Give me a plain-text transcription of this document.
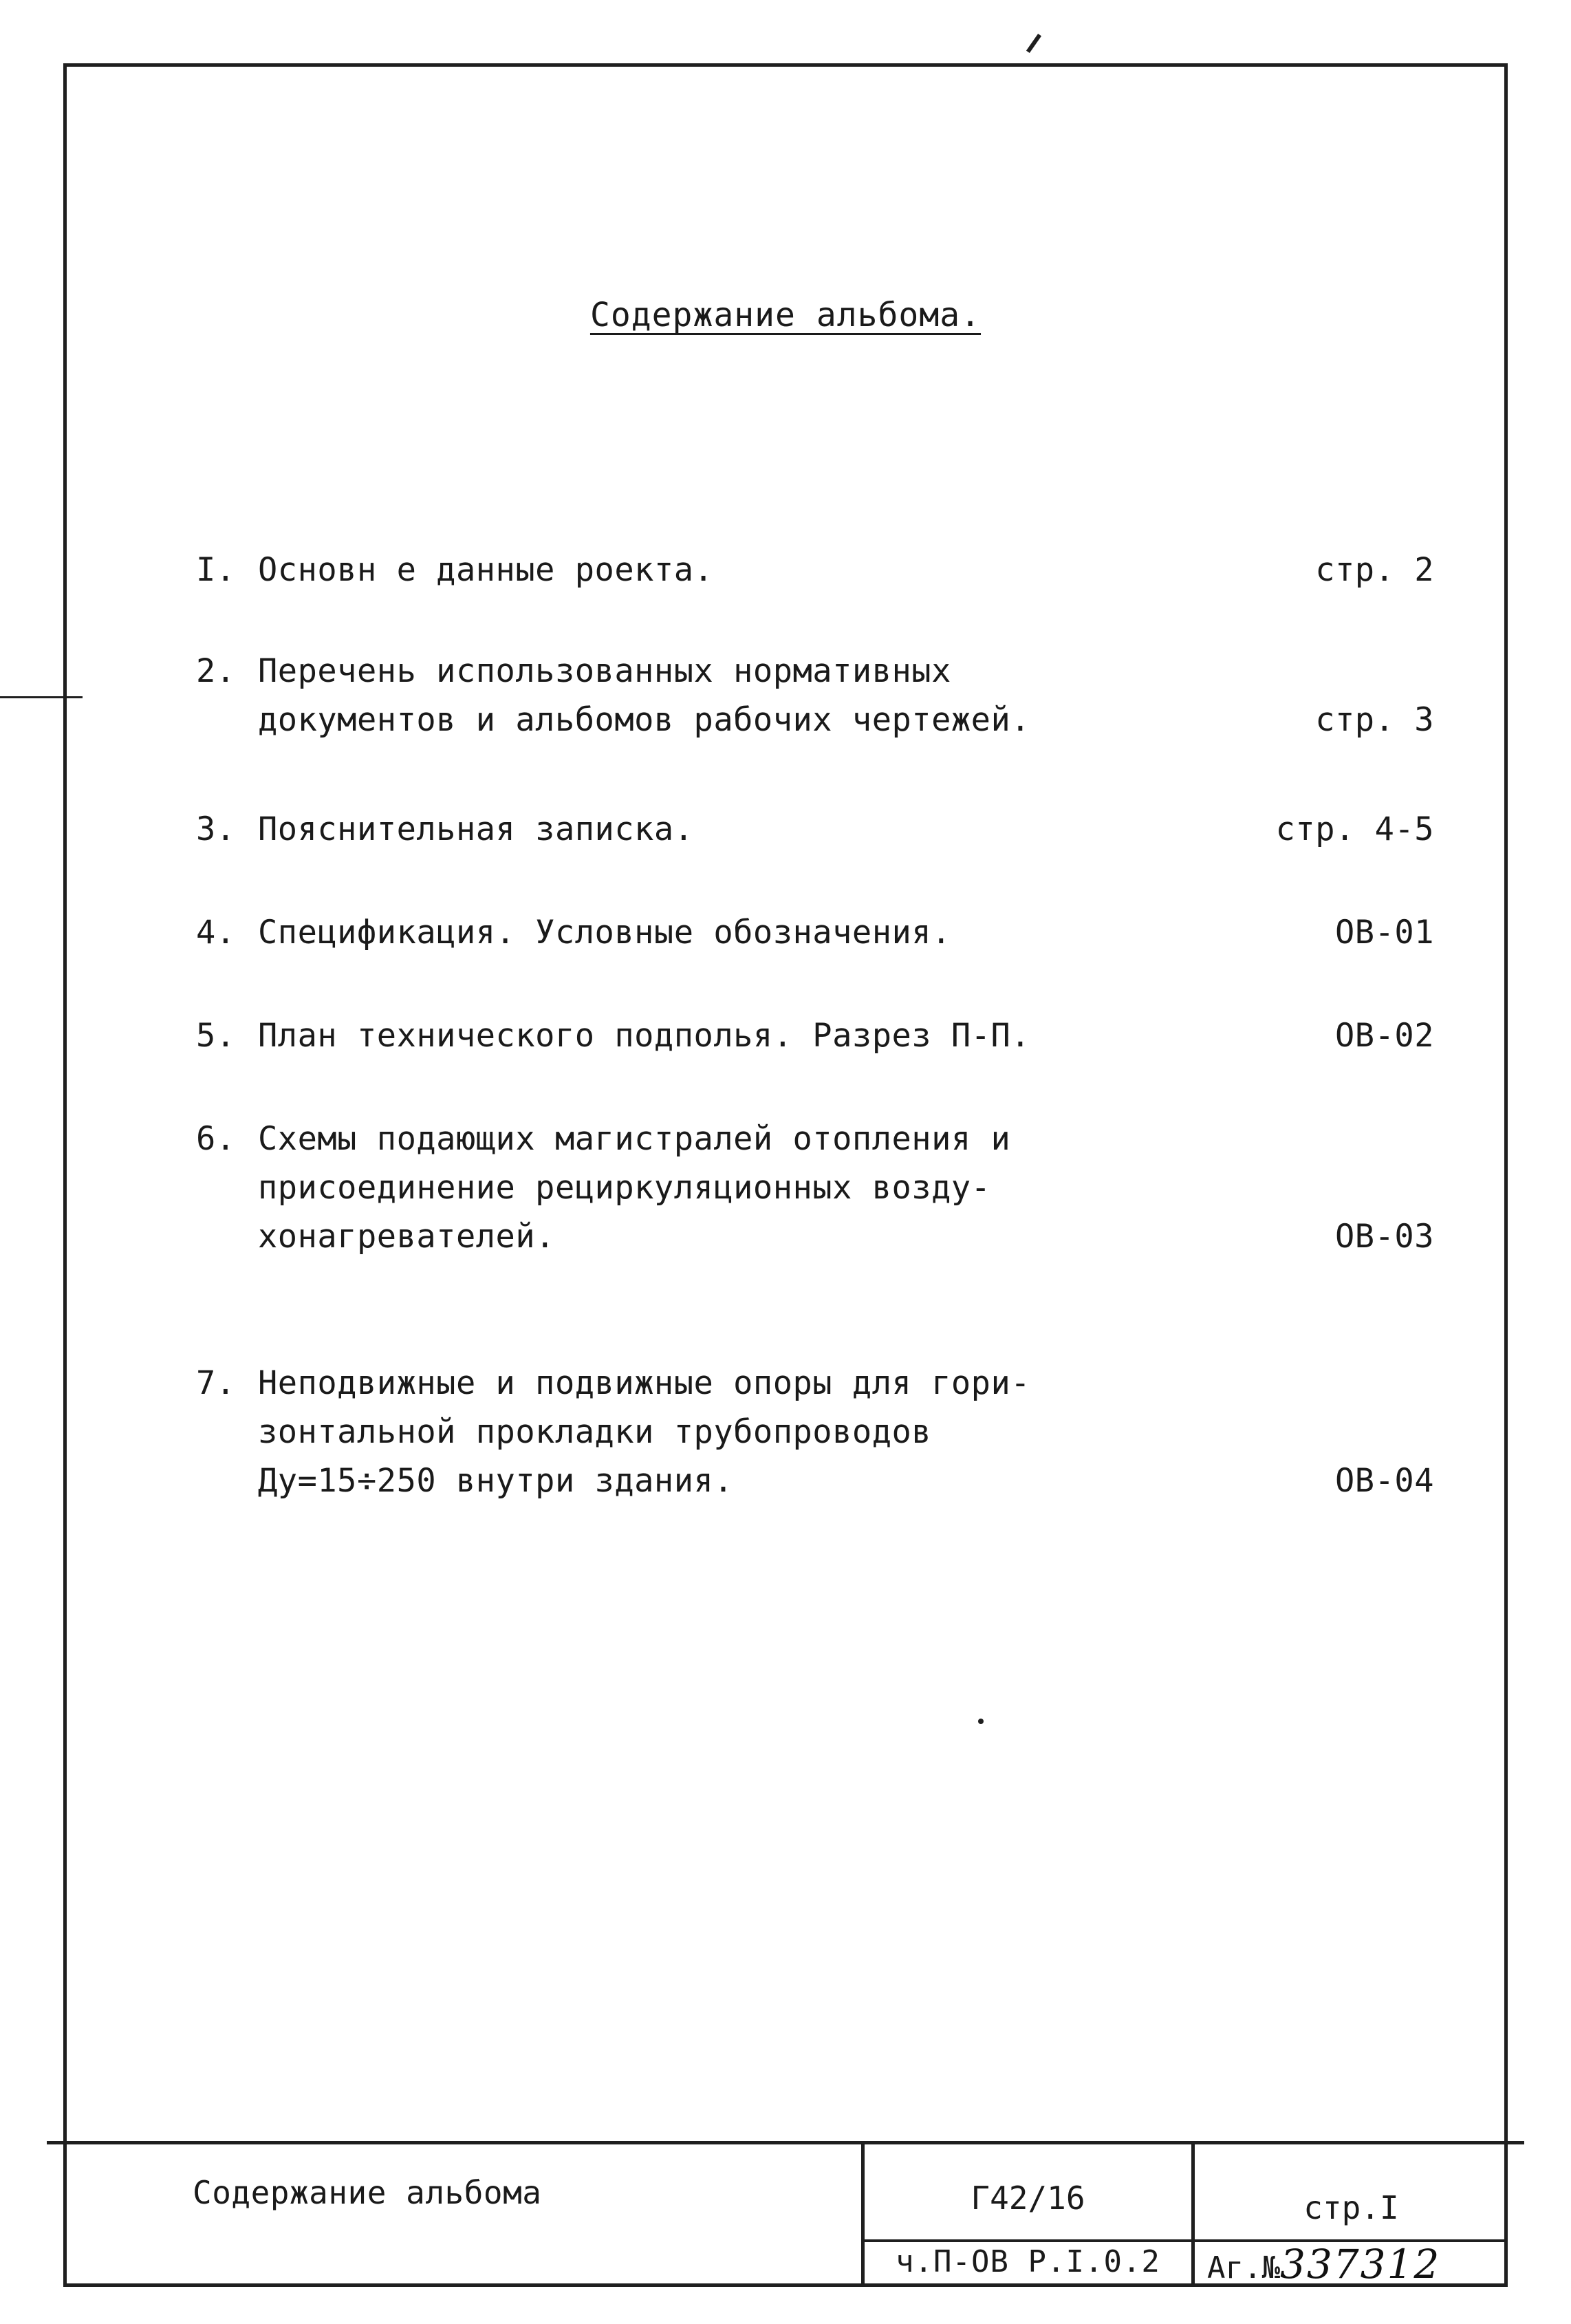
Содержание альбома.
I. Основн е данные роекта.	стр. 2
2. Перечень использованных нормативных
документов и альбомов рабочих чертежей.	стр. 3
3. Пояснительная записка.	стр. 4-5
4. Спецификация. Условные обозначения.	ОВ-01
5. План технического подполья. Разрез П-П.	ОВ-02
6. Схемы подающих магистралей отопления и
присоединение рециркуляционных возду-
хонагревателей.	ОВ-03
7. Неподвижные и подвижные опоры для гори-
зонтальной прокладки трубопроводов
Ду=15÷250 внутри здания.	ОВ-04
Содержание альбома	Г42/16	стр.I
ч.П-ОВ Р.I.0.2	Аг.№337312
